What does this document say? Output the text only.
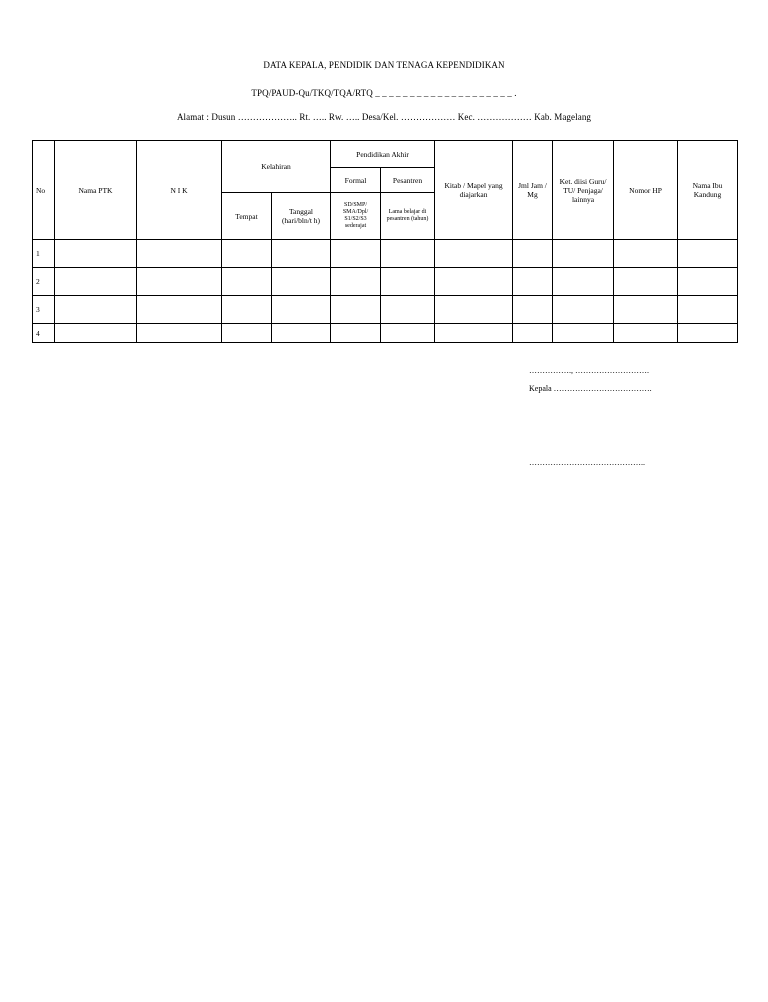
DATA KEPALA, PENDIDIK DAN TENAGA KEPENDIDIKAN
TPQ/PAUD-Qu/TKQ/TQA/RTQ _ _ _ _ _ _ _ _ _ _ _ _ _ _ _ _ _ _ _ _ .
Alamat : Dusun ……………….. Rt. ….. Rw. ….. Desa/Kel. ……………… Kec. ……………… Kab. Magelang
No	Nama PTK	N I K	Kelahiran		Pendidikan Akhir		Kitab / Mapel yang diajarkan	Jml Jam / Mg	Ket. diisi Guru/ TU/ Penjaga/ lainnya	Nomor HP	Nama Ibu Kandung
					Formal	Pesantren					
			Tempat	Tanggal (hari/bln/t h)	SD/SMP/ SMA/Dpl/ S1/S2/S3 sederajat	Lama belajar di pesantren (tahun)					
1											
2											
3											
4											
……………., ……………………….
Kepala ……………………………….
……………………………………..
